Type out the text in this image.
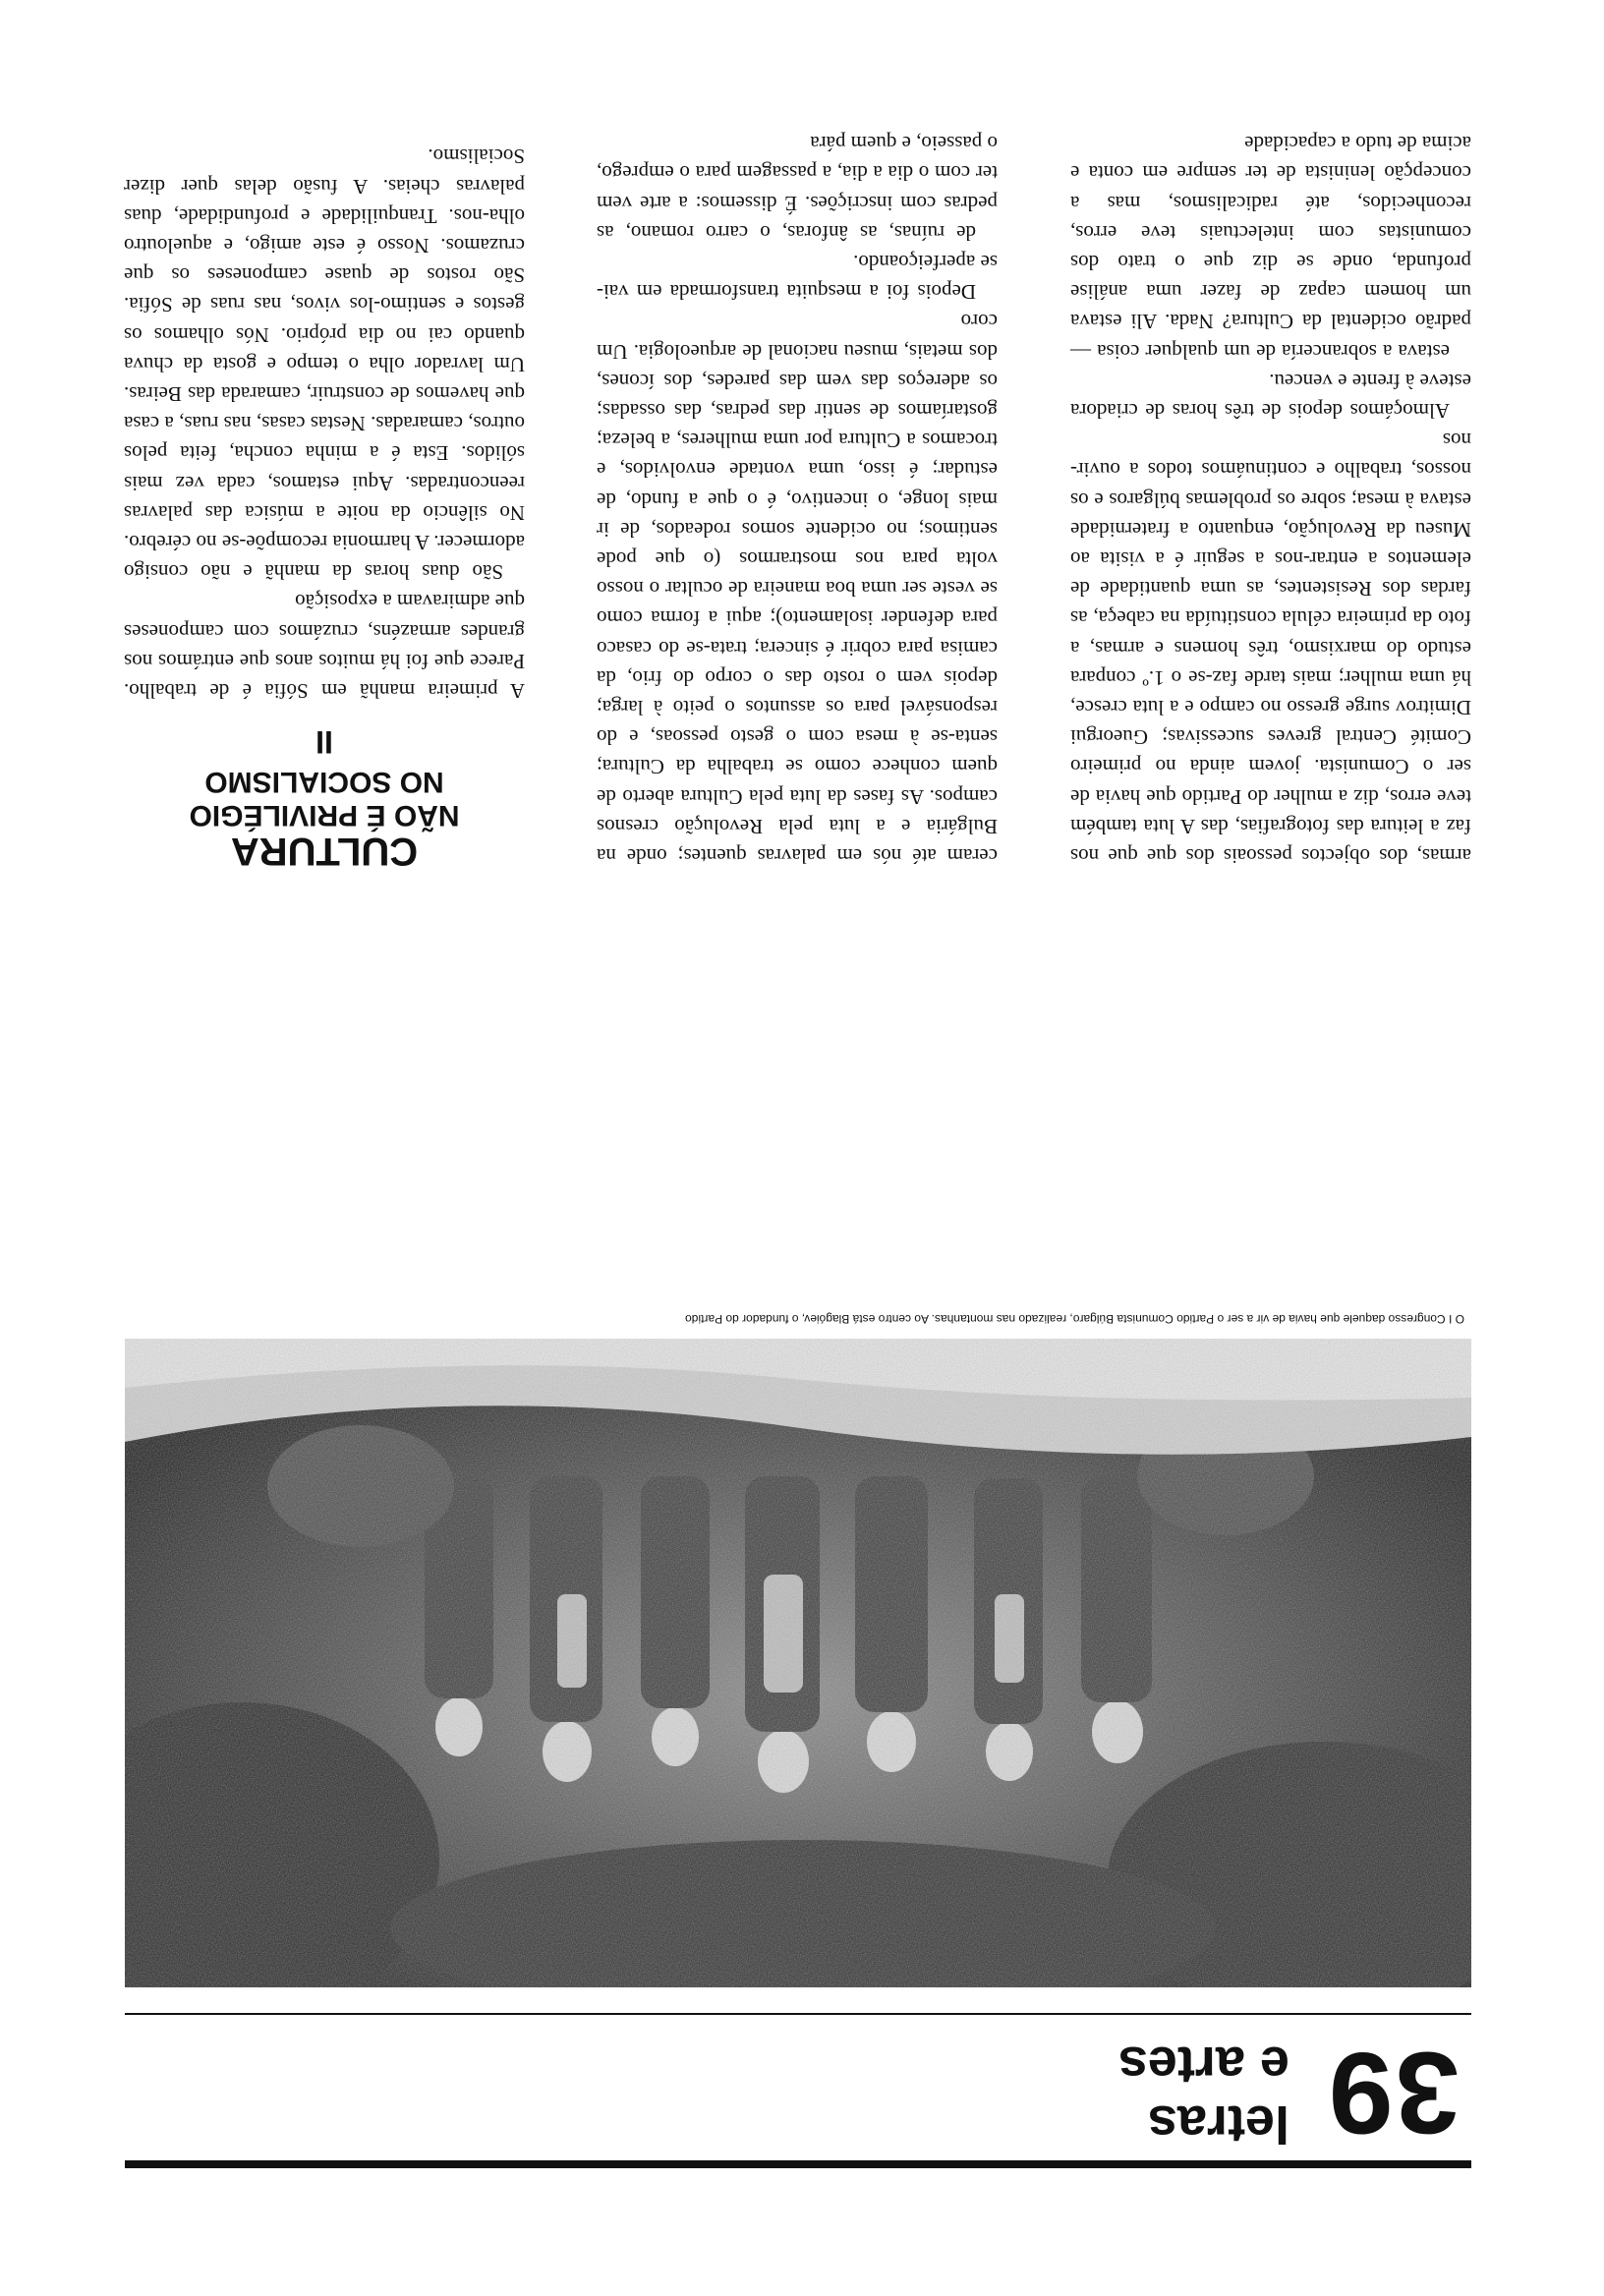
39
letras
e artes
O I Congresso daquele que havia de vir a ser o Partido Comunista Búlgaro, realizado nas montanhas. Ao centro está Blagóiev, o fundador do Partido
CULTURA
NÃO É PRIVILÉGIO
NO SOCIALISMO
II

A primeira manhã em Sófia é de trabalho. Parece que foi há muitos anos que entrámos nos grandes armazéns, cruzámos com camponeses que admiravam a exposição

São duas horas da manhã e não consigo adormecer. A harmonia recompõe-se no cérebro. No silêncio da noite a música das palavras reencontradas. Aqui estamos, cada vez mais sólidos. Esta é a minha concha, feita pelos outros, camaradas. Nestas casas, nas ruas, a casa que havemos de construir, camarada das Beiras. Um lavrador olha o tempo e gosta da chuva quando cai no dia próprio. Nós olhamos os gestos e sentimo-los vivos, nas ruas de Sófia. São rostos de quase camponeses os que cruzamos. Nosso é este amigo, e aqueloutro olha-nos. Tranquilidade e profundidade, duas palavras cheias. A fusão delas quer dizer Socialismo.

ceram até nós em palavras quentes; onde na Bulgária e a luta pela Revolução cresnos campos. As fases da luta pela Cultura aberto de quem conhece como se trabalha da Cultura; senta-se à mesa com o gesto pessoas, e do responsável para os assuntos o peito à larga; depois vem o rosto das o corpo do frio, da camisa para cobrir é sincera; trata-se do casaco para defender isolamento); aqui a forma como se veste ser uma boa maneira de ocultar o nosso volta para nos mostrarmos (o que pode sentimos; no ocidente somos rodeados, de ir mais longe, o incentivo, é o que a fundo, de estudar; é isso, uma vontade envolvidos, e trocamos a Cultura por uma mulheres, a beleza; gostaríamos de sentir das pedras, das ossadas; os adereços das vem das paredes, dos ícones, dos metais, museu nacional de arqueologia. Um coro

Depois foi a mesquita transformada em vai-se aperfeiçoando.

de ruínas, as ânforas, o carro romano, as pedras com inscrições. É dissemos: a arte vem ter com o dia a dia, a passagem para o emprego, o passeio, e quem pára

armas, dos objectos pessoais dos que que nos faz a leitura das fotografias, das A luta também teve erros, diz a mulher do Partido que havia de ser o Comunista. jovem ainda no primeiro Comité Central greves sucessivas; Gueorgui Dimitrov surge gresso no campo e a luta cresce, há uma mulher; mais tarde faz-se o 1.º conpara estudo do marxismo, três homens e armas, a foto da primeira célula constituída na cabeça, as fardas dos Resistentes, as uma quantidade de elementos a entrar-nos a seguir é a visita ao Museu da Revolução, enquanto a fraternidade estava à mesa; sobre os problemas búlgaros e os nossos, trabalho e continuámos todos a ouvir-nos

Almoçámos depois de três horas de criadora esteve à frente e venceu.

estava a sobrancería de um qualquer coisa — padrão ocidental da Cultura? Nada. Ali estava um homem capaz de fazer uma análise profunda, onde se diz que o trato dos comunistas com intelectuais teve erros, reconhecidos, até radicalismos, mas a concepção leninista de ter sempre em conta e acima de tudo a capacidade
